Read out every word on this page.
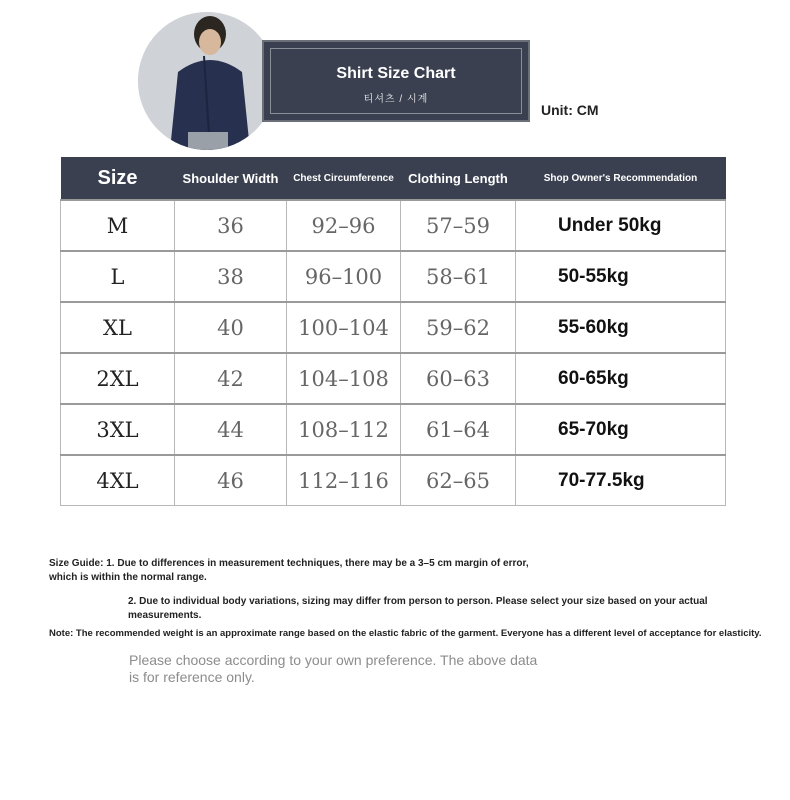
Shirt Size Chart
티셔츠 / 시계
Unit: CM
Size	Shoulder Width	Chest Circumference	Clothing Length	Shop Owner's Recommendation
M	36	92–96	57–59	Under 50kg
L	38	96–100	58–61	50-55kg
XL	40	100–104	59–62	55-60kg
2XL	42	104–108	60–63	60-65kg
3XL	44	108–112	61–64	65-70kg
4XL	46	112–116	62–65	70-77.5kg
Size Guide: 1. Due to differences in measurement techniques, there may be a 3–5 cm margin of error, which is within the normal range.
2. Due to individual body variations, sizing may differ from person to person. Please select your size based on your actual measurements.
Note: The recommended weight is an approximate range based on the elastic fabric of the garment. Everyone has a different level of acceptance for elasticity.
Please choose according to your own preference. The above data is for reference only.
